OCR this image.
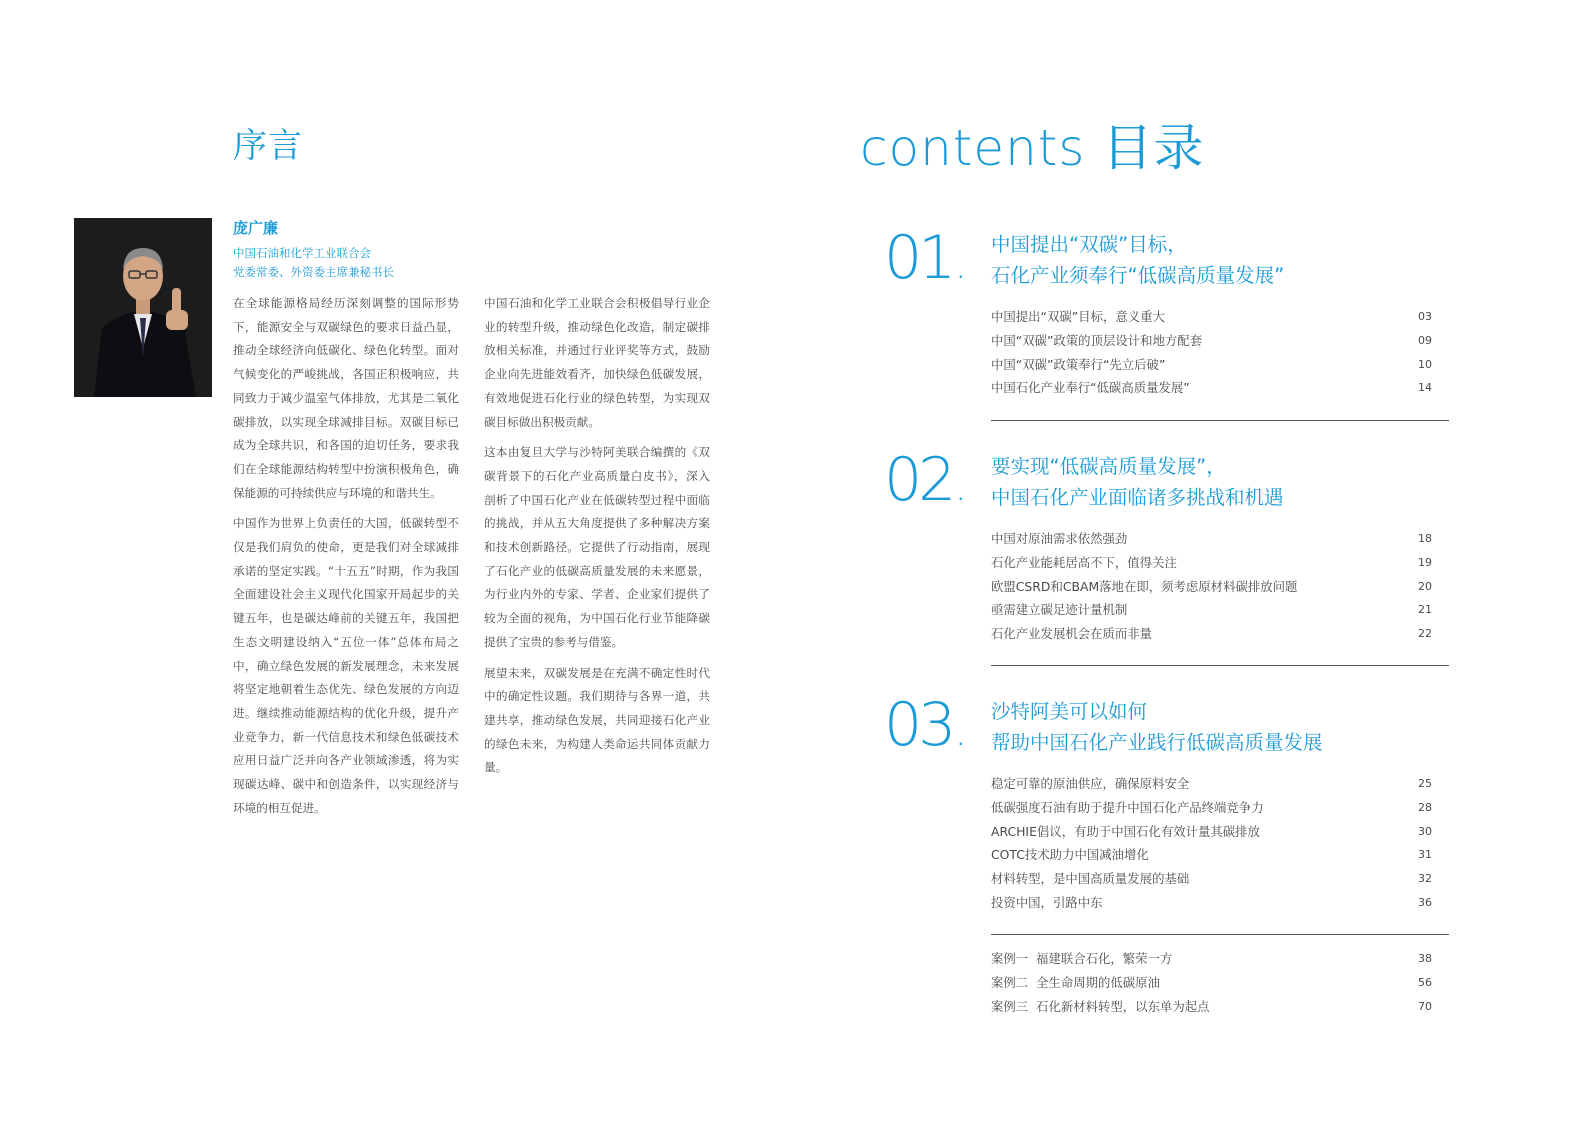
序言
庞广廉
中国石油和化学工业联合会
党委常委、外资委主席兼秘书长

在全球能源格局经历深刻调整的国际形势下，能源安全与双碳绿色的要求日益凸显，推动全球经济向低碳化、绿色化转型。面对气候变化的严峻挑战，各国正积极响应，共同致力于减少温室气体排放，尤其是二氧化碳排放，以实现全球减排目标。双碳目标已成为全球共识，和各国的迫切任务，要求我们在全球能源结构转型中扮演积极角色，确保能源的可持续供应与环境的和谐共生。

中国作为世界上负责任的大国，低碳转型不仅是我们肩负的使命，更是我们对全球减排承诺的坚定实践。“十五五”时期，作为我国全面建设社会主义现代化国家开局起步的关键五年，也是碳达峰前的关键五年，我国把生态文明建设纳入“五位一体”总体布局之中，确立绿色发展的新发展理念，未来发展将坚定地朝着生态优先、绿色发展的方向迈进。继续推动能源结构的优化升级，提升产业竞争力，新一代信息技术和绿色低碳技术应用日益广泛并向各产业领域渗透，将为实现碳达峰、碳中和创造条件，以实现经济与环境的相互促进。

中国石油和化学工业联合会积极倡导行业企业的转型升级，推动绿色化改造，制定碳排放相关标准，并通过行业评奖等方式，鼓励企业向先进能效看齐，加快绿色低碳发展，有效地促进石化行业的绿色转型，为实现双碳目标做出积极贡献。

这本由复旦大学与沙特阿美联合编撰的《双碳背景下的石化产业高质量白皮书》，深入剖析了中国石化产业在低碳转型过程中面临的挑战，并从五大角度提供了多种解决方案和技术创新路径。它提供了行动指南，展现了石化产业的低碳高质量发展的未来愿景，为行业内外的专家、学者、企业家们提供了较为全面的视角，为中国石化行业节能降碳提供了宝贵的参考与借鉴。

展望未来，双碳发展是在充满不确定性时代中的确定性议题。我们期待与各界一道，共建共享，推动绿色发展，共同迎接石化产业的绿色未来，为构建人类命运共同体贡献力量。

contents 目录
01. 中国提出“双碳”目标，
石化产业须奉行“低碳高质量发展”
中国提出“双碳”目标，意义重大	03
中国“双碳”政策的顶层设计和地方配套	09
中国“双碳”政策奉行“先立后破”	10
中国石化产业奉行“低碳高质量发展”	14
02. 要实现“低碳高质量发展”，
中国石化产业面临诸多挑战和机遇
中国对原油需求依然强劲	18
石化产业能耗居高不下，值得关注	19
欧盟CSRD和CBAM落地在即，须考虑原材料碳排放问题	20
亟需建立碳足迹计量机制	21
石化产业发展机会在质而非量	22
03. 沙特阿美可以如何
帮助中国石化产业践行低碳高质量发展
稳定可靠的原油供应，确保原料安全	25
低碳强度石油有助于提升中国石化产品终端竞争力	28
ARCHIE倡议，有助于中国石化有效计量其碳排放	30
COTC技术助力中国减油增化	31
材料转型，是中国高质量发展的基础	32
投资中国，引路中东	36
案例一  福建联合石化，繁荣一方	38
案例二  全生命周期的低碳原油	56
案例三  石化新材料转型，以东单为起点	70
